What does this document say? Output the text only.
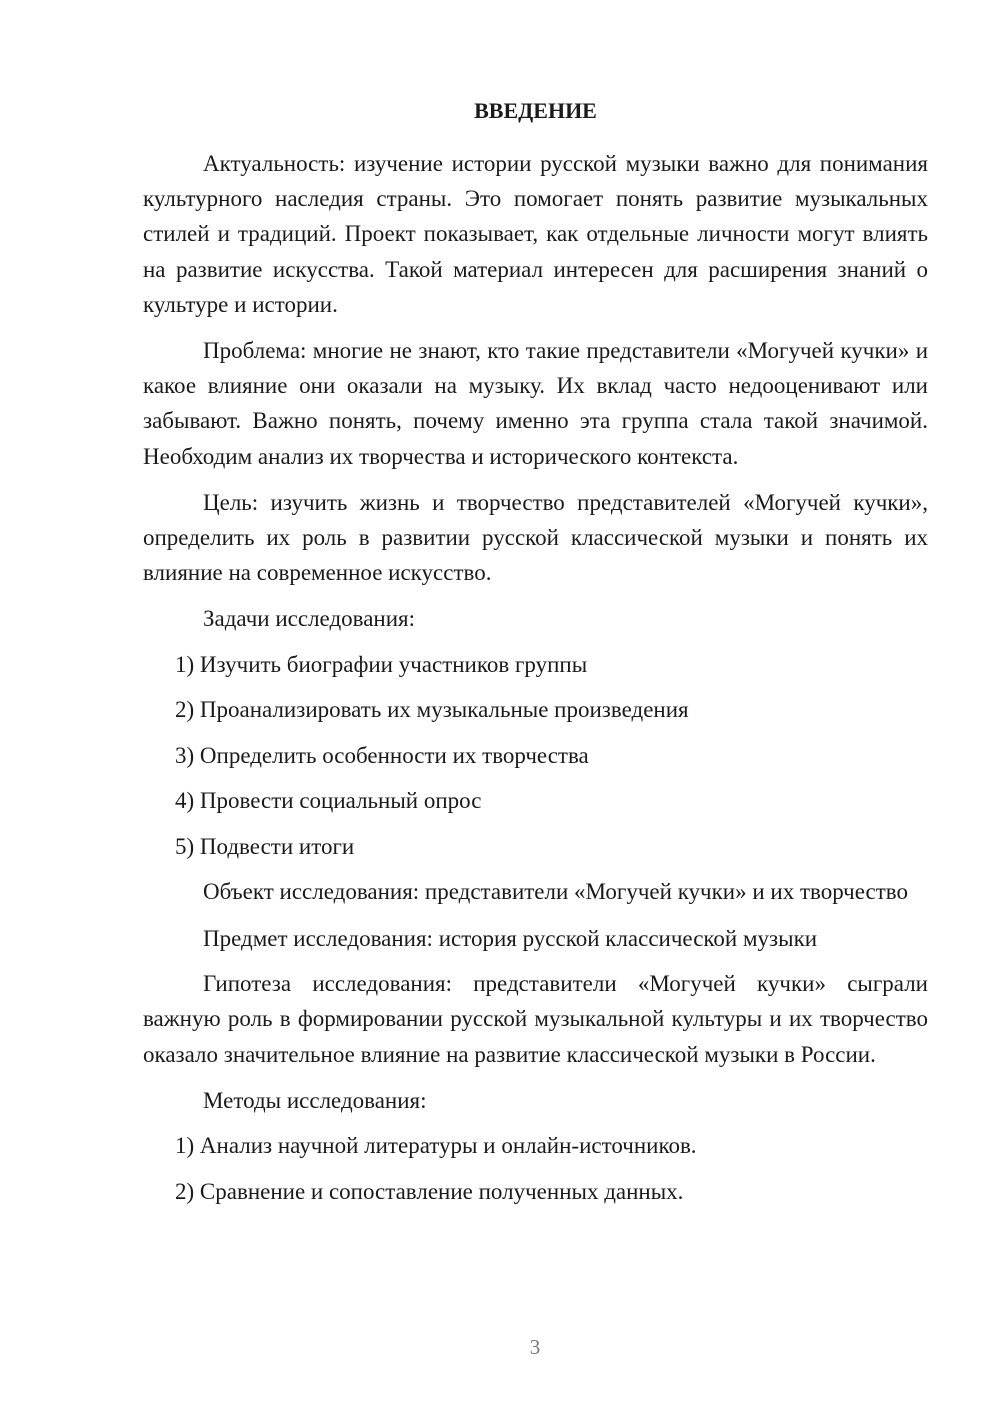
ВВЕДЕНИЕ

Актуальность: изучение истории русской музыки важно для понимания культурного наследия страны. Это помогает понять развитие музыкальных стилей и традиций. Проект показывает, как отдельные личности могут влиять на развитие искусства. Такой материал интересен для расширения знаний о культуре и истории.

Проблема: многие не знают, кто такие представители «Могучей кучки» и какое влияние они оказали на музыку. Их вклад часто недооценивают или забывают. Важно понять, почему именно эта группа стала такой значимой. Необходим анализ их творчества и исторического контекста.

Цель: изучить жизнь и творчество представителей «Могучей кучки», определить их роль в развитии русской классической музыки и понять их влияние на современное искусство.

Задачи исследования:

1) Изучить биографии участников группы

2) Проанализировать их музыкальные произведения

3) Определить особенности их творчества

4) Провести социальный опрос

5) Подвести итоги

Объект исследования: представители «Могучей кучки» и их творчество

Предмет исследования: история русской классической музыки

Гипотеза исследования: представители «Могучей кучки» сыграли важную роль в формировании русской музыкальной культуры и их творчество оказало значительное влияние на развитие классической музыки в России.

Методы исследования:

1) Анализ научной литературы и онлайн-источников.

2) Сравнение и сопоставление полученных данных.

3
